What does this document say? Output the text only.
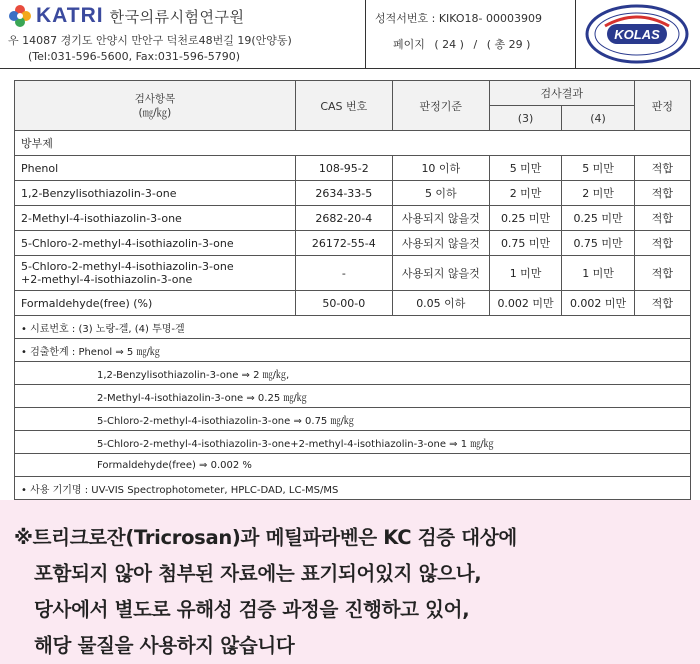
KATRI 한국의류시험연구원
우 14087 경기도 안양시 만안구 덕천로48번길 19(안양동)
(Tel:031-596-5600, Fax:031-596-5790)
성적서번호 : KIKO18- 00003909
페이지 ( 24 ) / ( 총 29 )
KOLAS
검사항목
(㎎/㎏)	CAS 번호	판정기준	검사결과		판정
			(3)	(4)	
방부제					
Phenol	108-95-2	10 이하	5 미만	5 미만	적합
1,2-Benzylisothiazolin-3-one	2634-33-5	5 이하	2 미만	2 미만	적합
2-Methyl-4-isothiazolin-3-one	2682-20-4	사용되지 않을것	0.25 미만	0.25 미만	적합
5-Chloro-2-methyl-4-isothiazolin-3-one	26172-55-4	사용되지 않을것	0.75 미만	0.75 미만	적합

5-Chloro-2-methyl-4-isothiazolin-3-one
+2-methyl-4-isothiazolin-3-one	-	사용되지 않을것	1 미만	1 미만	적합
Formaldehyde(free) (%)	50-00-0	0.05 이하	0.002 미만	0.002 미만	적합
• 시료번호 : (3) 노랑-겔, (4) 투명-겔					
• 검출한계 : Phenol ⇒ 5 ㎎/㎏					
1,2-Benzylisothiazolin-3-one ⇒ 2 ㎎/㎏,					
2-Methyl-4-isothiazolin-3-one ⇒ 0.25 ㎎/㎏					
5-Chloro-2-methyl-4-isothiazolin-3-one ⇒ 0.75 ㎎/㎏					
5-Chloro-2-methyl-4-isothiazolin-3-one+2-methyl-4-isothiazolin-3-one ⇒ 1 ㎎/㎏					
Formaldehyde(free) ⇒ 0.002 %					
• 사용 기기명 : UV-VIS Spectrophotometer, HPLC-DAD, LC-MS/MS					

※트리크로잔(Tricrosan)과 메틸파라벤은 KC 검증 대상에

포함되지 않아 첨부된 자료에는 표기되어있지 않으나,

당사에서 별도로 유해성 검증 과정을 진행하고 있어,

해당 물질을 사용하지 않습니다
